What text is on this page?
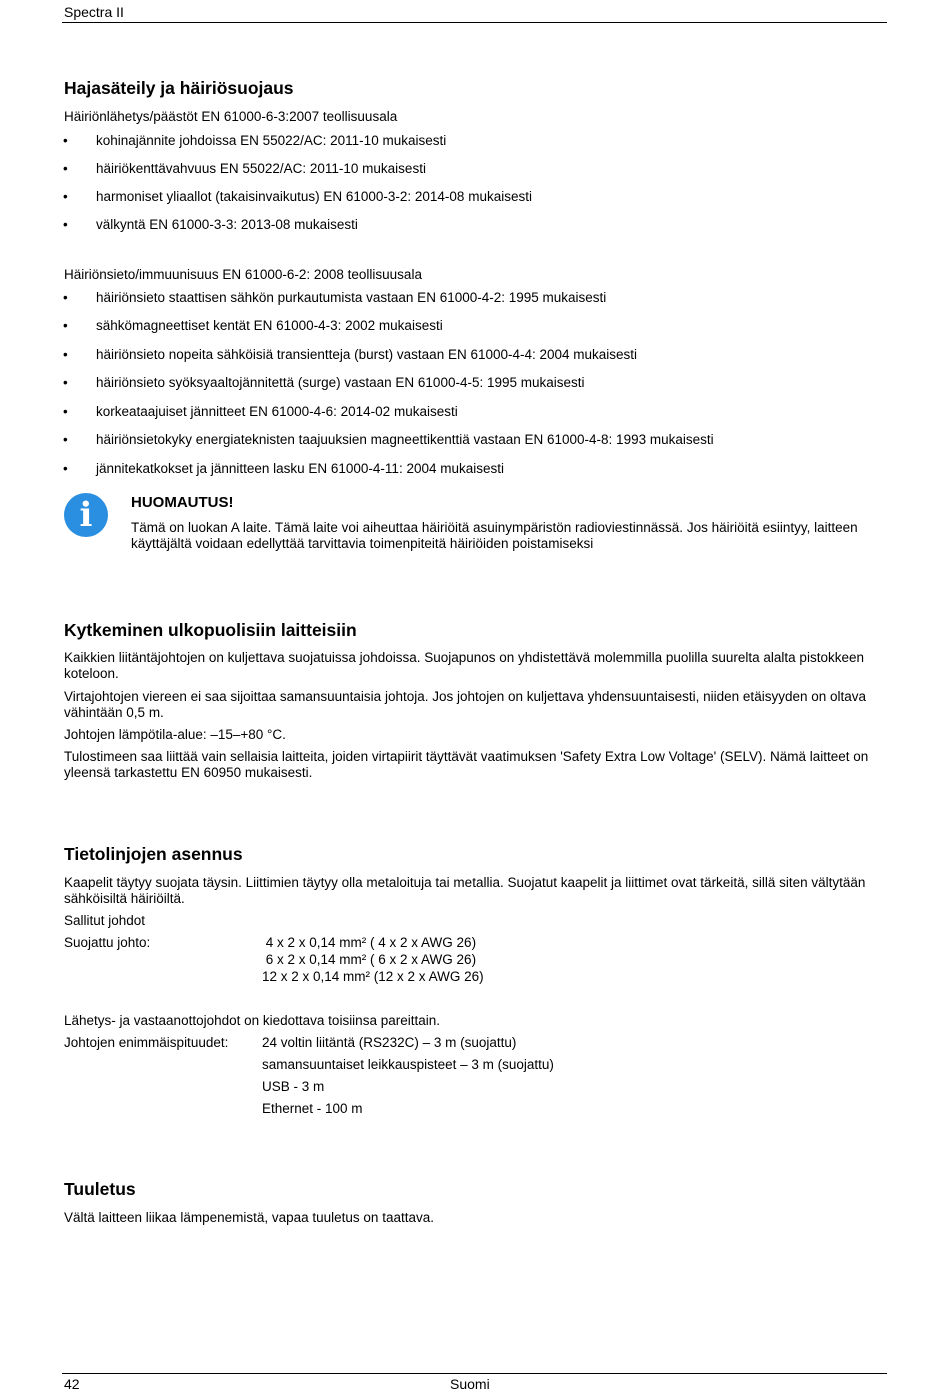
Spectra II
Hajasäteily ja häiriösuojaus
Häiriönlähetys/päästöt EN 61000-6-3:2007 teollisuusala
• kohinajännite johdoissa EN 55022/AC: 2011-10 mukaisesti
• häiriökenttävahvuus EN 55022/AC: 2011-10 mukaisesti
• harmoniset yliaallot (takaisinvaikutus) EN 61000-3-2: 2014-08 mukaisesti
• välkyntä EN 61000-3-3: 2013-08 mukaisesti
Häiriönsieto/immuunisuus EN 61000-6-2: 2008 teollisuusala
• häiriönsieto staattisen sähkön purkautumista vastaan EN 61000-4-2: 1995 mukaisesti
• sähkömagneettiset kentät EN 61000-4-3: 2002 mukaisesti
• häiriönsieto nopeita sähköisiä transientteja (burst) vastaan EN 61000-4-4: 2004 mukaisesti
• häiriönsieto syöksyaaltojännitettä (surge) vastaan EN 61000-4-5: 1995 mukaisesti
• korkeataajuiset jännitteet EN 61000-4-6: 2014-02 mukaisesti
• häiriönsietokyky energiateknisten taajuuksien magneettikenttiä vastaan EN 61000-4-8: 1993 mukaisesti
• jännitekatkokset ja jännitteen lasku EN 61000-4-11: 2004 mukaisesti
i	HUOMAUTUS!
Tämä on luokan A laite. Tämä laite voi aiheuttaa häiriöitä asuinympäristön radioviestinnässä. Jos häiriöitä esiintyy, laitteen käyttäjältä voidaan edellyttää tarvittavia toimenpiteitä häiriöiden poistamiseksi
Kytkeminen ulkopuolisiin laitteisiin
Kaikkien liitäntäjohtojen on kuljettava suojatuissa johdoissa. Suojapunos on yhdistettävä molemmilla puolilla suurelta alalta pistokkeen koteloon.
Virtajohtojen viereen ei saa sijoittaa samansuuntaisia johtoja. Jos johtojen on kuljettava yhdensuuntaisesti, niiden etäisyyden on oltava vähintään 0,5 m.
Johtojen lämpötila-alue: –15–+80 °C.
Tulostimeen saa liittää vain sellaisia laitteita, joiden virtapiirit täyttävät vaatimuksen 'Safety Extra Low Voltage' (SELV). Nämä laitteet on yleensä tarkastettu EN 60950 mukaisesti.
Tietolinjojen asennus
Kaapelit täytyy suojata täysin. Liittimien täytyy olla metaloituja tai metallia. Suojatut kaapelit ja liittimet ovat tärkeitä, sillä siten vältytään sähköisiltä häiriöiltä.
Sallitut johdot
Suojattu johto:	4 x 2 x 0,14 mm² ( 4 x 2 x AWG 26)
6 x 2 x 0,14 mm² ( 6 x 2 x AWG 26)
12 x 2 x 0,14 mm² (12 x 2 x AWG 26)
Lähetys- ja vastaanottojohdot on kiedottava toisiinsa pareittain.
Johtojen enimmäispituudet: 24 voltin liitäntä (RS232C) – 3 m (suojattu)
samansuuntaiset leikkauspisteet – 3 m (suojattu)
USB - 3 m
Ethernet - 100 m
Tuuletus
Vältä laitteen liikaa lämpenemistä, vapaa tuuletus on taattava.
42	Suomi
